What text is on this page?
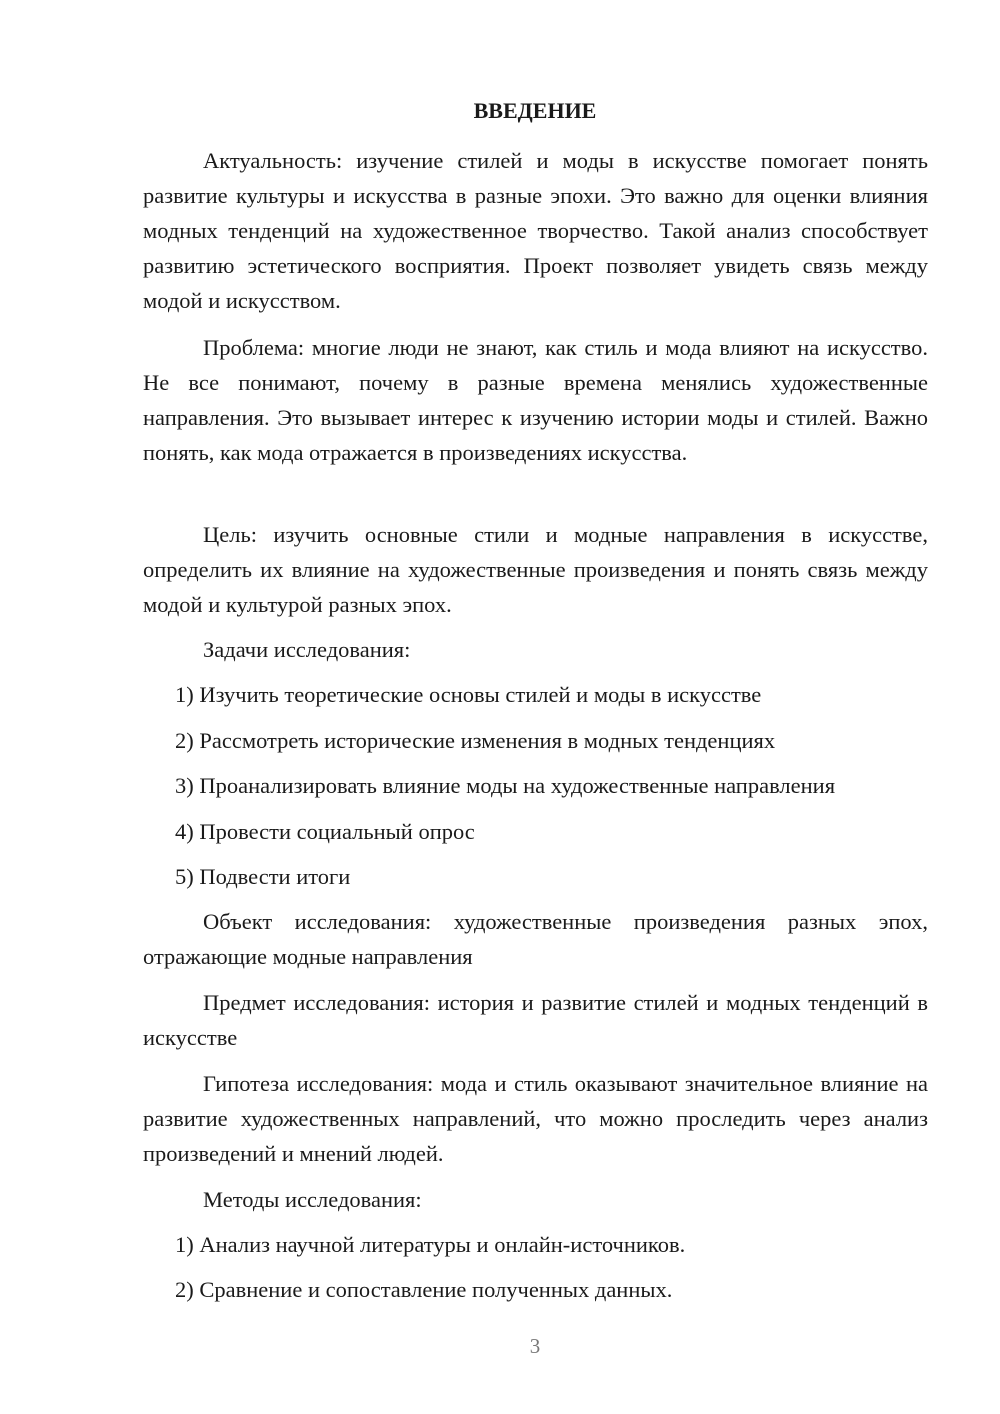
ВВЕДЕНИЕ

Актуальность: изучение стилей и моды в искусстве помогает понять развитие культуры и искусства в разные эпохи. Это важно для оценки влияния модных тенденций на художественное творчество. Такой анализ способствует развитию эстетического восприятия. Проект позволяет увидеть связь между модой и искусством.

Проблема: многие люди не знают, как стиль и мода влияют на искусство. Не все понимают, почему в разные времена менялись художественные направления. Это вызывает интерес к изучению истории моды и стилей. Важно понять, как мода отражается в произведениях искусства.

Цель: изучить основные стили и модные направления в искусстве, определить их влияние на художественные произведения и понять связь между модой и культурой разных эпох.

Задачи исследования:

1) Изучить теоретические основы стилей и моды в искусстве

2) Рассмотреть исторические изменения в модных тенденциях

3) Проанализировать влияние моды на художественные направления

4) Провести социальный опрос

5) Подвести итоги

Объект исследования: художественные произведения разных эпох, отражающие модные направления

Предмет исследования: история и развитие стилей и модных тенденций в искусстве

Гипотеза исследования: мода и стиль оказывают значительное влияние на развитие художественных направлений, что можно проследить через анализ произведений и мнений людей.

Методы исследования:

1) Анализ научной литературы и онлайн-источников.

2) Сравнение и сопоставление полученных данных.

3
